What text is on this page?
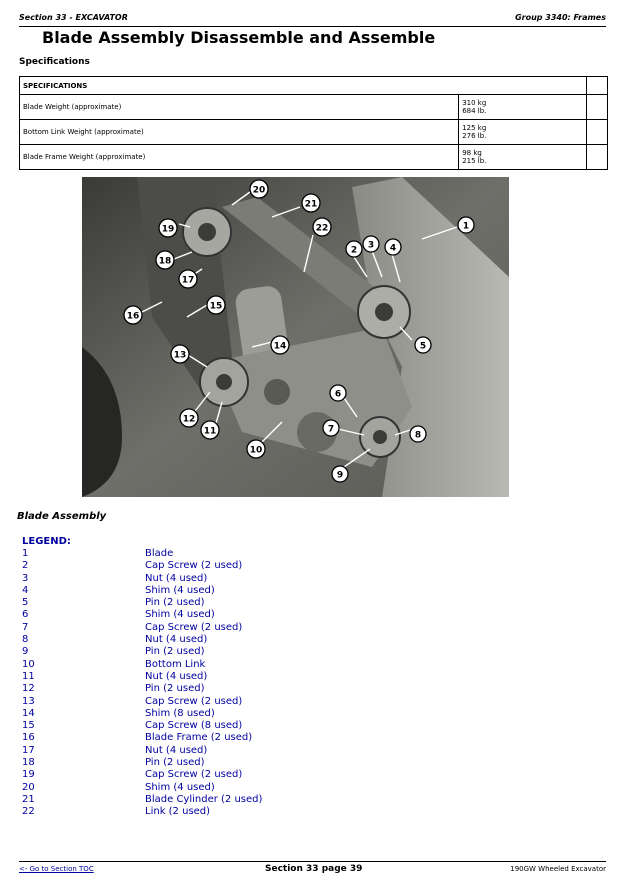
Section 33 - EXCAVATOR	Group 3340: Frames
Blade Assembly Disassemble and Assemble
Specifications
SPECIFICATIONS		
Blade Weight (approximate)	310 kg
684 lb.	

Bottom Link Weight (approximate)	125 kg
276 lb.	

Blade Frame Weight (approximate)	98 kg
215 lb.	

1
2 3 4
5
6
7
8
9
10
11
12
13
14
15
16
17
18
19
20
21
22
Blade Assembly
LEGEND:
1	Blade
2	Cap Screw (2 used)
3	Nut (4 used)
4	Shim (4 used)
5	Pin (2 used)
6	Shim (4 used)
7	Cap Screw (2 used)
8	Nut (4 used)
9	Pin (2 used)
10	Bottom Link
11	Nut (4 used)
12	Pin (2 used)
13	Cap Screw (2 used)
14	Shim (8 used)
15	Cap Screw (8 used)
16	Blade Frame (2 used)
17	Nut (4 used)
18	Pin (2 used)
19	Cap Screw (2 used)
20	Shim (4 used)
21	Blade Cylinder (2 used)
22	Link (2 used)
<- Go to Section TOC	Section 33 page 39	190GW Wheeled Excavator
